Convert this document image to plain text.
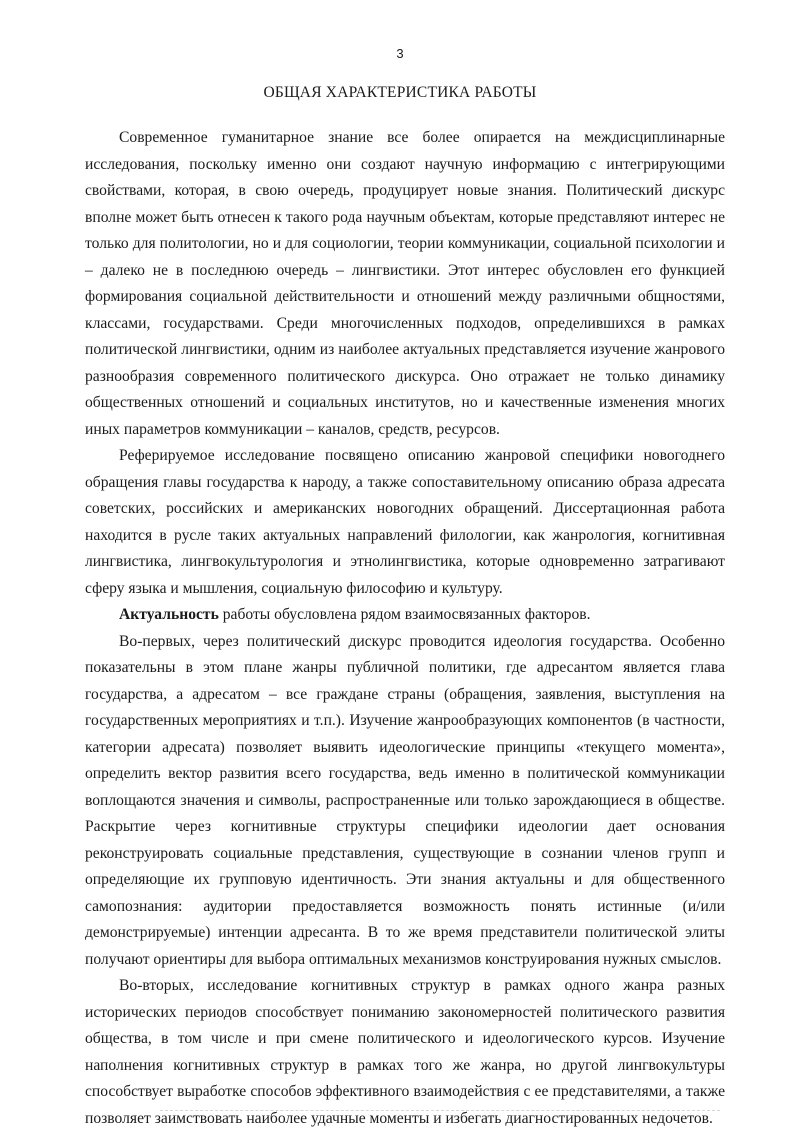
3
ОБЩАЯ ХАРАКТЕРИСТИКА РАБОТЫ

Современное гуманитарное знание все более опирается на междисциплинарные исследования, поскольку именно они создают научную информацию с интегрирующими свойствами, которая, в свою очередь, продуцирует новые знания. Политический дискурс вполне может быть отнесен к такого рода научным объектам, которые представляют интерес не только для политологии, но и для социологии, теории коммуникации, социальной психологии и – далеко не в последнюю очередь – лингвистики. Этот интерес обусловлен его функцией формирования социальной действительности и отношений между различными общностями, классами, государствами. Среди многочисленных подходов, определившихся в рамках политической лингвистики, одним из наиболее актуальных представляется изучение жанрового разнообразия современного политического дискурса. Оно отражает не только динамику общественных отношений и социальных институтов, но и качественные изменения многих иных параметров коммуникации – каналов, средств, ресурсов.

Реферируемое исследование посвящено описанию жанровой специфики новогоднего обращения главы государства к народу, а также сопоставительному описанию образа адресата советских, российских и американских новогодних обращений. Диссертационная работа находится в русле таких актуальных направлений филологии, как жанрология, когнитивная лингвистика, лингвокультурология и этнолингвистика, которые одновременно затрагивают сферу языка и мышления, социальную философию и культуру.

Актуальность работы обусловлена рядом взаимосвязанных факторов.

Во-первых, через политический дискурс проводится идеология государства. Особенно показательны в этом плане жанры публичной политики, где адресантом является глава государства, а адресатом – все граждане страны (обращения, заявления, выступления на государственных мероприятиях и т.п.). Изучение жанрообразующих компонентов (в частности, категории адресата) позволяет выявить идеологические принципы «текущего момента», определить вектор развития всего государства, ведь именно в политической коммуникации воплощаются значения и символы, распространенные или только зарождающиеся в обществе. Раскрытие через когнитивные структуры специфики идеологии дает основания реконструировать социальные представления, существующие в сознании членов групп и определяющие их групповую идентичность. Эти знания актуальны и для общественного самопознания: аудитории предоставляется возможность понять истинные (и/или демонстрируемые) интенции адресанта. В то же время представители политической элиты получают ориентиры для выбора оптимальных механизмов конструирования нужных смыслов.

Во-вторых, исследование когнитивных структур в рамках одного жанра разных исторических периодов способствует пониманию закономерностей политического развития общества, в том числе и при смене политического и идеологического курсов. Изучение наполнения когнитивных структур в рамках того же жанра, но другой лингвокультуры способствует выработке способов эффективного взаимодействия с ее представителями, а также позволяет заимствовать наиболее удачные моменты и избегать диагностированных недочетов.
